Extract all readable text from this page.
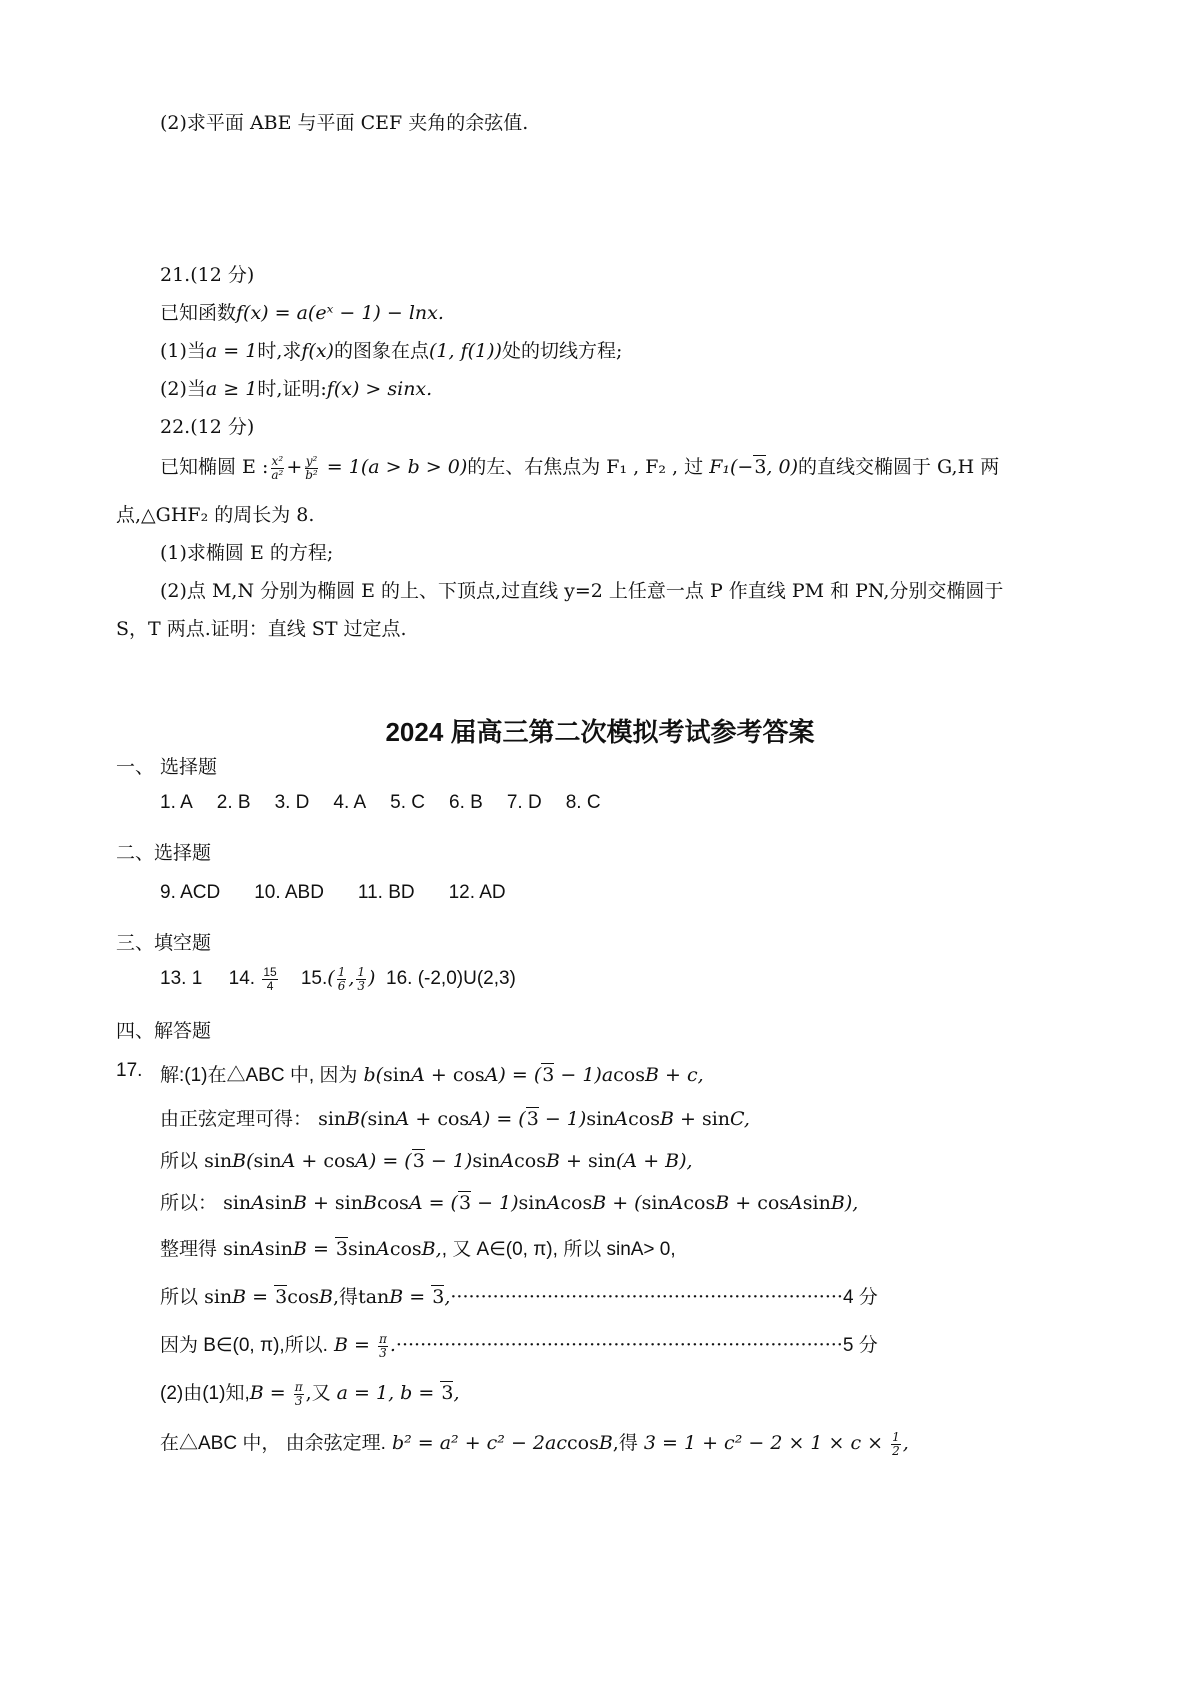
(2)求平面 ABE 与平面 CEF 夹角的余弦值.
21.(12 分)
已知函数f(x) = a(eˣ − 1) − lnx.
(1)当a = 1时,求f(x)的图象在点(1, f(1))处的切线方程;
(2)当a ≥ 1时,证明:f(x) > sinx.
22.(12 分)
已知椭圆 E : $\frac{\text{x²}}{\text{a²}} + \frac{\text{y²}}{\text{b²}} = 1(a > b > 0)$的左、右焦点为 F₁ , F₂ , 过 F₁(−3, 0)的直线交椭圆于 G,H 两
点,△GHF₂ 的周长为 8.
(1)求椭圆 E 的方程;
(2)点 M,N 分别为椭圆 E 的上、下顶点,过直线 y=2 上任意一点 P 作直线 PM 和 PN,分别交椭圆于
S，T 两点.证明：直线 ST 过定点.
2024 届高三第二次模拟考试参考答案
一、 选择题
1. A 2. B 3. D 4. A 5. C 6. B 7. D 8. C
二、选择题
9. ACD 10. ABD 11. BD 12. AD
三、填空题
13. 1 14. $\frac{15}{4} 15.( \frac{1}{6}$ , $\frac{1}{3}$ ) 16. (-2,0)U(2,3)
四、解答题
17. 解:(1)在△ABC 中, 因为 b(sinA + cosA) = (3 − 1)acosB + c,
由正弦定理可得： sinB(sinA + cosA) = (3 − 1)sinAcosB + sinC,
所以 sinB(sinA + cosA) = (3 − 1)sinAcosB + sin(A + B),
所以： sinAsinB + sinBcosA = (3 − 1)sinAcosB + (sinAcosB + cosAsinB),
整理得 sinAsinB = 3sinAcosB,, 又 A∈(0, π), 所以 sinA> 0,
所以 sinB = 3cosB,得tanB = 3,·································································4 分
因为 B∈(0, π),所以. $B = \frac{\pi}{3} .\cdot\cdot\cdot\cdot\cdot\cdot\cdot\cdot\cdot\cdot\cdot\cdot\cdot\cdot\cdot\cdot\cdot\cdot\cdot\cdot\cdot\cdot\cdot\cdot\cdot\cdot\cdot\cdot\cdot\cdot\cdot\cdot\cdot\cdot\cdot\cdot\cdot\cdot\cdot\cdot\cdot\cdot\cdot\cdot\cdot\cdot\cdot\cdot\cdot\cdot\cdot\cdot\cdot\cdot\cdot\cdot\cdot\cdot\cdot\cdot\cdot\cdot\cdot\cdot\cdot\cdot\cdot\cdot\cdot\cdot\cdot\cdot\cdot\cdot 5$ 分
(2)由(1)知$,B = \frac{\pi}{3}$ ,又 a = 1, b = 3,
在△ABC 中， 由余弦定理. b² = a² + c² − 2accosB,得 $3 = 1 + c^2 - 2 \times 1 \times c \times \frac{1}{2}$ ,
